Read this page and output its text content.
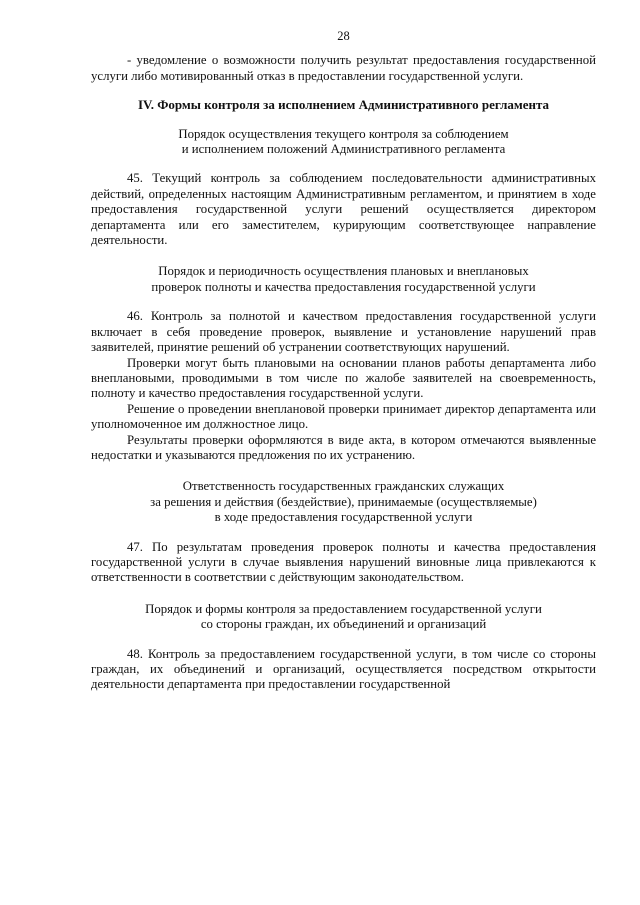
28

- уведомление о возможности получить результат предоставления государственной услуги либо мотивированный отказ в предоставлении государственной услуги.

IV. Формы контроля за исполнением Административного регламента
Порядок осуществления текущего контроля за соблюдением
и исполнением положений Административного регламента

45. Текущий контроль за соблюдением последовательности административных действий, определенных настоящим Административным регламентом, и принятием в ходе предоставления государственной услуги решений осуществляется директором департамента или его заместителем, курирующим соответствующее направление деятельности.

Порядок и периодичность осуществления плановых и внеплановых
проверок полноты и качества предоставления государственной услуги

46. Контроль за полнотой и качеством предоставления государственной услуги включает в себя проведение проверок, выявление и установление нарушений прав заявителей, принятие решений об устранении соответствующих нарушений.

Проверки могут быть плановыми на основании планов работы департамента либо внеплановыми, проводимыми в том числе по жалобе заявителей на своевременность, полноту и качество предоставления государственной услуги.

Решение о проведении внеплановой проверки принимает директор департамента или уполномоченное им должностное лицо.

Результаты проверки оформляются в виде акта, в котором отмечаются выявленные недостатки и указываются предложения по их устранению.

Ответственность государственных гражданских служащих
за решения и действия (бездействие), принимаемые (осуществляемые)
в ходе предоставления государственной услуги

47. По результатам проведения проверок полноты и качества предоставления государственной услуги в случае выявления нарушений виновные лица привлекаются к ответственности в соответствии с действующим законодательством.

Порядок и формы контроля за предоставлением государственной услуги
со стороны граждан, их объединений и организаций

48. Контроль за предоставлением государственной услуги, в том числе со стороны граждан, их объединений и организаций, осуществляется посредством открытости деятельности департамента при предоставлении государственной
